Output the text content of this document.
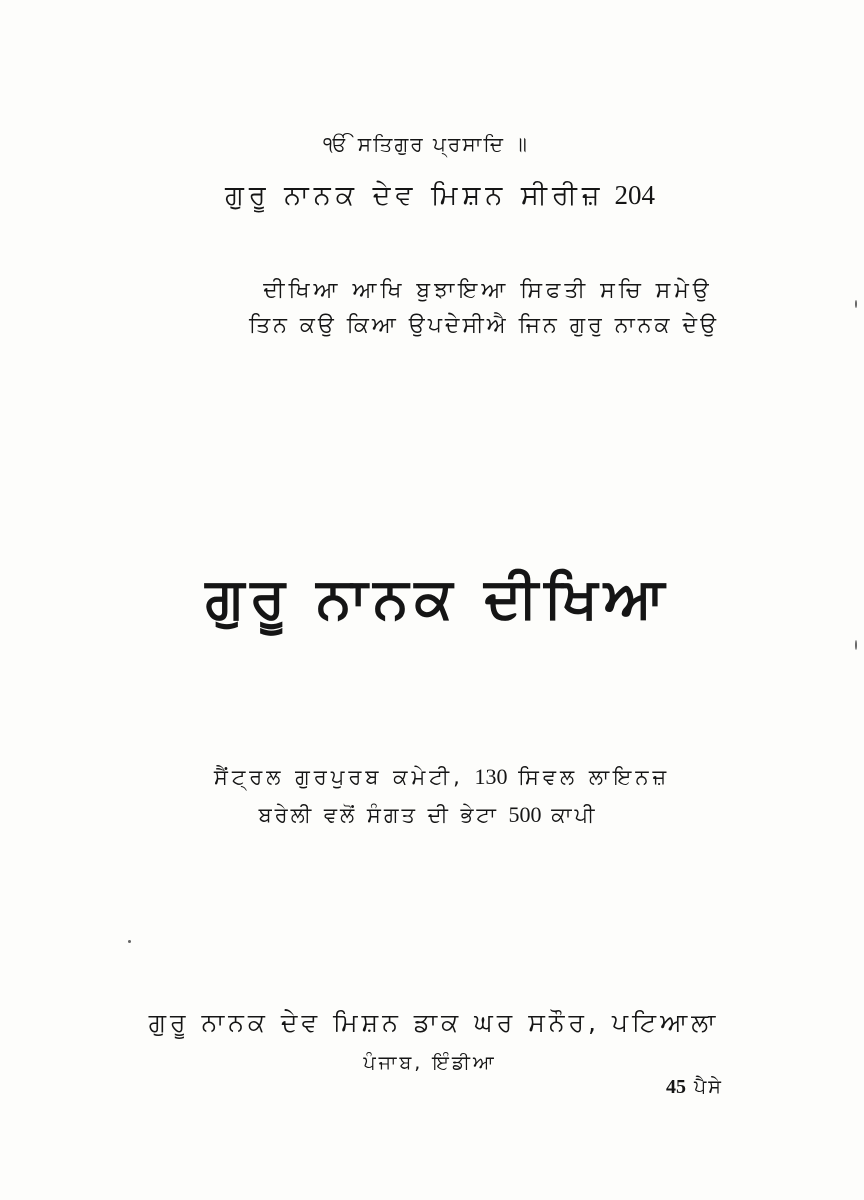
ੴ ਸਤਿਗੁਰ ਪ੍ਰਸਾਦਿ ॥
ਗੁਰੂ ਨਾਨਕ ਦੇਵ ਮਿਸ਼ਨ ਸੀਰੀਜ਼ 204
ਦੀਖਿਆ ਆਖਿ ਬੁਝਾਇਆ ਸਿਫਤੀ ਸਚਿ ਸਮੇਉ
ਤਿਨ ਕਉ ਕਿਆ ਉਪਦੇਸੀਐ ਜਿਨ ਗੁਰੁ ਨਾਨਕ ਦੇਉ
ਗੁਰੂ ਨਾਨਕ ਦੀਖਿਆ
ਸੈਂਟ੍ਰਲ ਗੁਰਪੁਰਬ ਕਮੇਟੀ, 130 ਸਿਵਲ ਲਾਇਨਜ਼
ਬਰੇਲੀ ਵਲੋਂ ਸੰਗਤ ਦੀ ਭੇਟਾ 500 ਕਾਪੀ
ਗੁਰੂ ਨਾਨਕ ਦੇਵ ਮਿਸ਼ਨ ਡਾਕ ਘਰ ਸਨੌਰ, ਪਟਿਆਲਾ
ਪੰਜਾਬ, ਇੰਡੀਆ
45 ਪੈਸੇ
